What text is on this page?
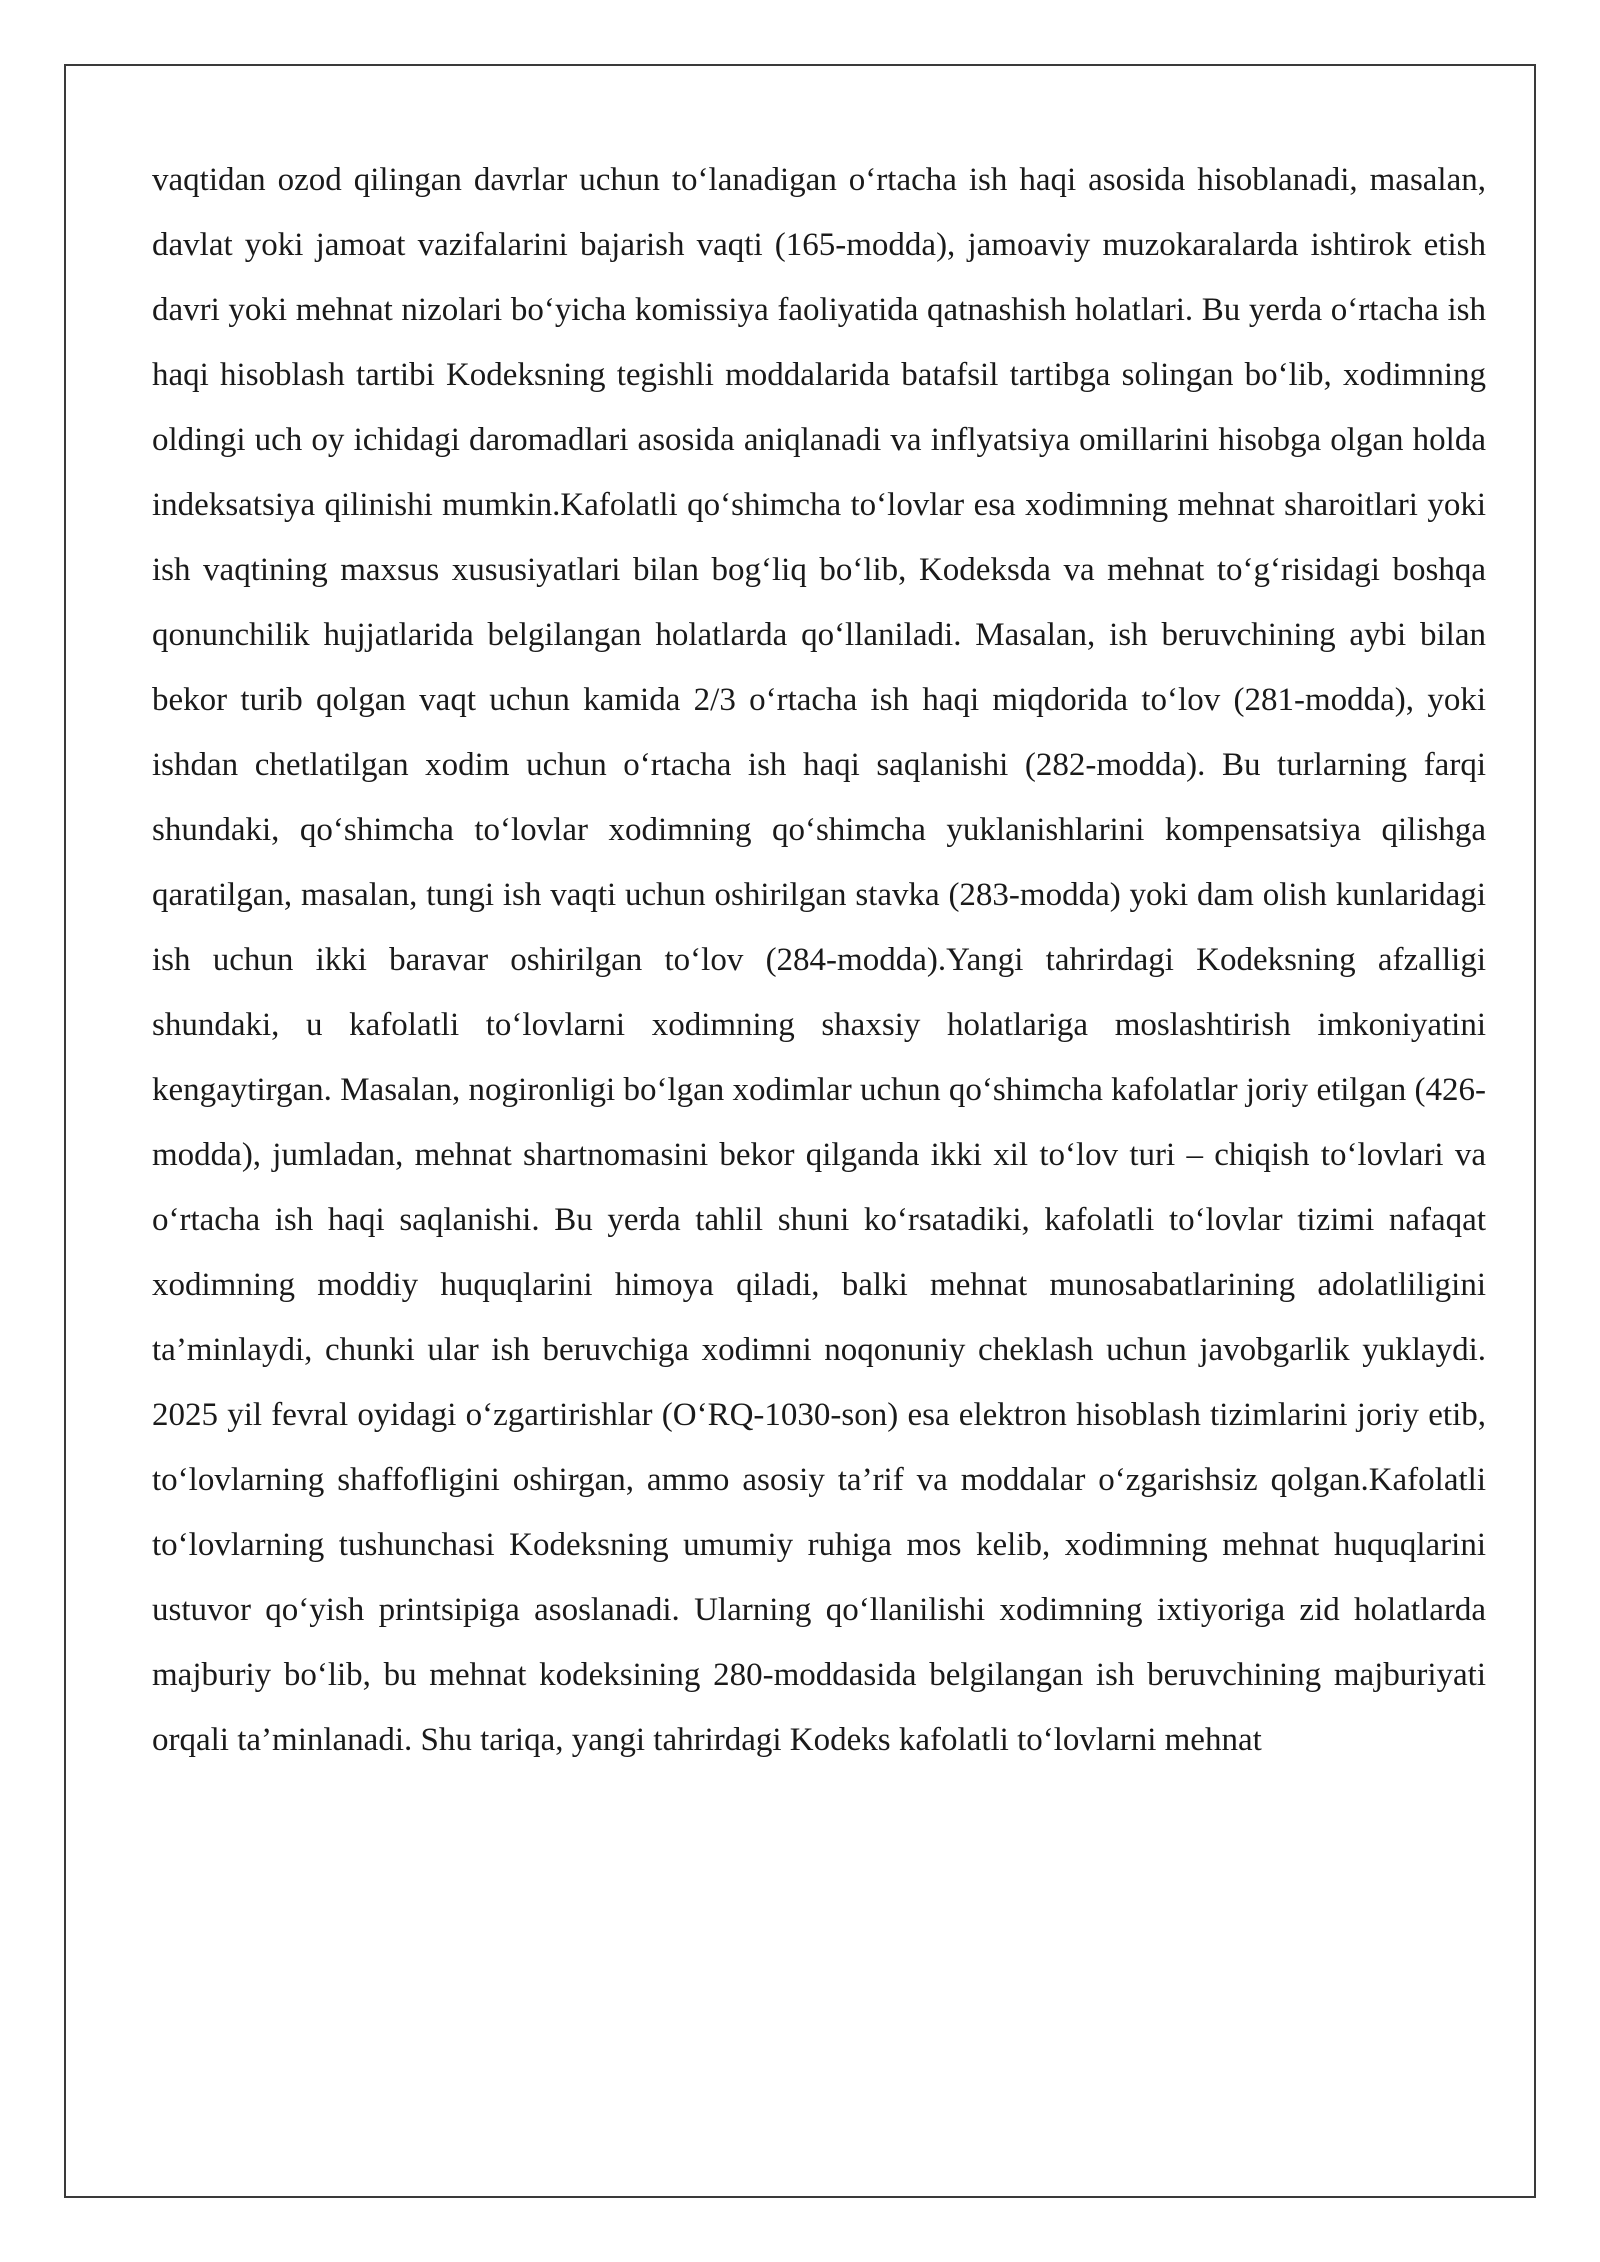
vaqtidan ozod qilingan davrlar uchun to‘lanadigan o‘rtacha ish haqi asosida hisoblanadi, masalan, davlat yoki jamoat vazifalarini bajarish vaqti (165-modda), jamoaviy muzokaralarda ishtirok etish davri yoki mehnat nizolari bo‘yicha komissiya faoliyatida qatnashish holatlari. Bu yerda o‘rtacha ish haqi hisoblash tartibi Kodeksning tegishli moddalarida batafsil tartibga solingan bo‘lib, xodimning oldingi uch oy ichidagi daromadlari asosida aniqlanadi va inflyatsiya omillarini hisobga olgan holda indeksatsiya qilinishi mumkin.Kafolatli qo‘shimcha to‘lovlar esa xodimning mehnat sharoitlari yoki ish vaqtining maxsus xususiyatlari bilan bog‘liq bo‘lib, Kodeksda va mehnat to‘g‘risidagi boshqa qonunchilik hujjatlarida belgilangan holatlarda qo‘llaniladi. Masalan, ish beruvchining aybi bilan bekor turib qolgan vaqt uchun kamida 2/3 o‘rtacha ish haqi miqdorida to‘lov (281-modda), yoki ishdan chetlatilgan xodim uchun o‘rtacha ish haqi saqlanishi (282-modda). Bu turlarning farqi shundaki, qo‘shimcha to‘lovlar xodimning qo‘shimcha yuklanishlarini kompensatsiya qilishga qaratilgan, masalan, tungi ish vaqti uchun oshirilgan stavka (283-modda) yoki dam olish kunlaridagi ish uchun ikki baravar oshirilgan to‘lov (284-modda).Yangi tahrirdagi Kodeksning afzalligi shundaki, u kafolatli to‘lovlarni xodimning shaxsiy holatlariga moslashtirish imkoniyatini kengaytirgan. Masalan, nogironligi bo‘lgan xodimlar uchun qo‘shimcha kafolatlar joriy etilgan (426-modda), jumladan, mehnat shartnomasini bekor qilganda ikki xil to‘lov turi – chiqish to‘lovlari va o‘rtacha ish haqi saqlanishi. Bu yerda tahlil shuni ko‘rsatadiki, kafolatli to‘lovlar tizimi nafaqat xodimning moddiy huquqlarini himoya qiladi, balki mehnat munosabatlarining adolatliligini ta’minlaydi, chunki ular ish beruvchiga xodimni noqonuniy cheklash uchun javobgarlik yuklaydi. 2025 yil fevral oyidagi o‘zgartirishlar (O‘RQ-1030-son) esa elektron hisoblash tizimlarini joriy etib, to‘lovlarning shaffofligini oshirgan, ammo asosiy ta’rif va moddalar o‘zgarishsiz qolgan.Kafolatli to‘lovlarning tushunchasi Kodeksning umumiy ruhiga mos kelib, xodimning mehnat huquqlarini ustuvor qo‘yish printsipiga asoslanadi. Ularning qo‘llanilishi xodimning ixtiyoriga zid holatlarda majburiy bo‘lib, bu mehnat kodeksining 280-moddasida belgilangan ish beruvchining majburiyati orqali ta’minlanadi. Shu tariqa, yangi tahrirdagi Kodeks kafolatli to‘lovlarni mehnat
